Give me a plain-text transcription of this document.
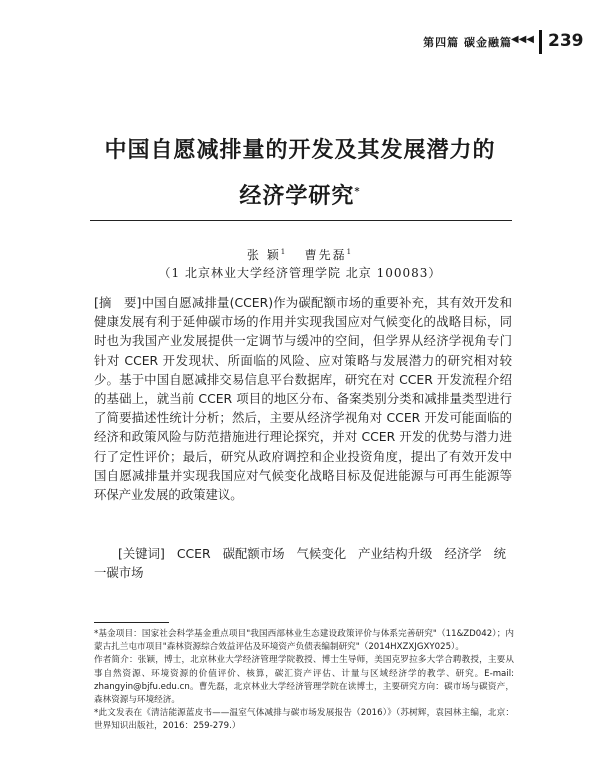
第四篇 碳金融篇
◀◀◀ 239
中国自愿减排量的开发及其发展潜力的
经济学研究*
张 颖$^1$ 曹先磊$^1$
（1 北京林业大学经济管理学院 北京 100083）
[摘   要]中国自愿减排量(CCER)作为碳配额市场的重要补充，其有效开发和健康发展有利于延伸碳市场的作用并实现我国应对气候变化的战略目标，同时也为我国产业发展提供一定调节与缓冲的空间，但学界从经济学视角专门针对 CCER 开发现状、所面临的风险、应对策略与发展潜力的研究相对较少。基于中国自愿减排交易信息平台数据库，研究在对 CCER 开发流程介绍的基础上，就当前 CCER 项目的地区分布、备案类别分类和减排量类型进行了简要描述性统计分析；然后，主要从经济学视角对 CCER 开发可能面临的经济和政策风险与防范措施进行理论探究，并对 CCER 开发的优势与潜力进行了定性评价；最后，研究从政府调控和企业投资角度，提出了有效开发中国自愿减排量并实现我国应对气候变化战略目标及促进能源与可再生能源等环保产业发展的政策建议。
[关键词] CCER 碳配额市场 气候变化 产业结构升级 经济学 统一碳市场

*基金项目：国家社会科学基金重点项目"我国西部林业生态建设政策评价与体系完善研究"（11&ZD042）；内蒙古扎兰屯市项目"森林资源综合效益评估及环境资产负债表编制研究"（2014HXZXJGXY025）。

作者简介：张颖，博士，北京林业大学经济管理学院教授、博士生导师，美国克罗拉多大学合聘教授，主要从事自然资源、环境资源的价值评价、核算，碳汇资产评估、计量与区域经济学的教学、研究。E-mail: zhangyin@bjfu.edu.cn。曹先磊，北京林业大学经济管理学院在读博士，主要研究方向：碳市场与碳资产，森林资源与环境经济。

*此文发表在《清洁能源蓝皮书——温室气体减排与碳市场发展报告（2016）》（苏树辉，袁园林主编，北京：世界知识出版社，2016：259-279.）
